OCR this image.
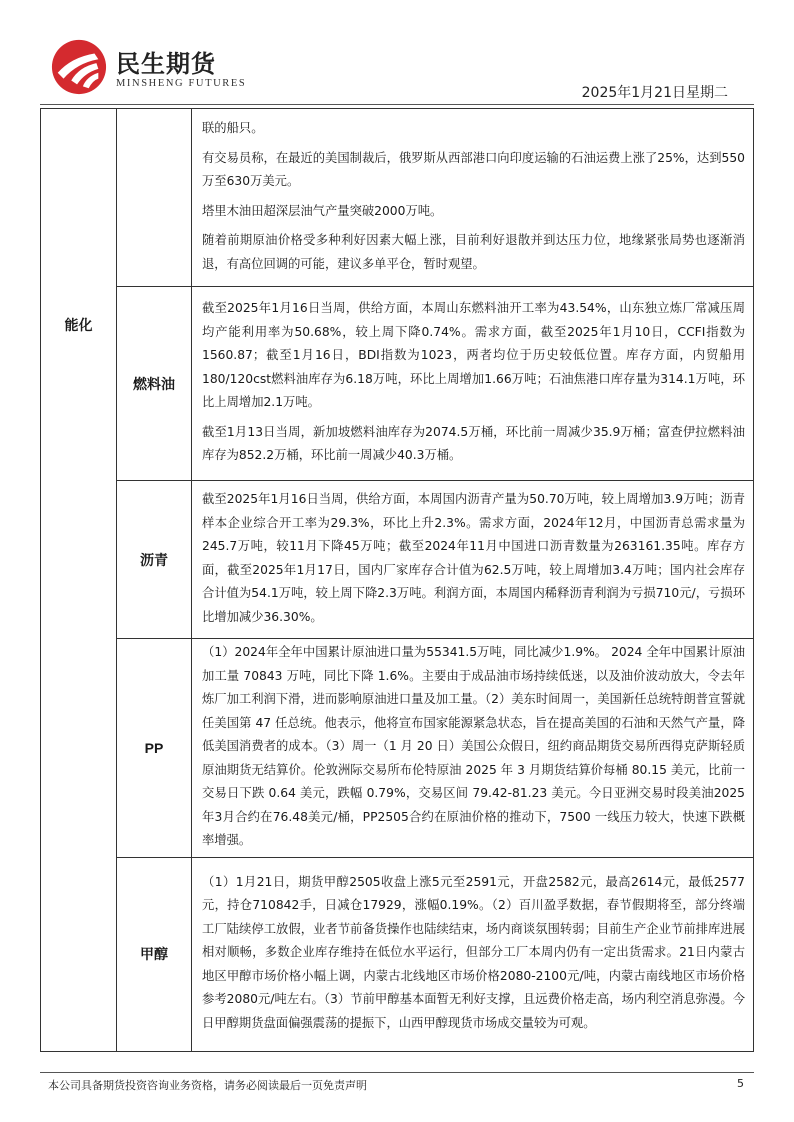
民生期货
MINSHENG FUTURES
2025年1月21日星期二
能化		联的船只。

有交易员称，在最近的美国制裁后，俄罗斯从西部港口向印度运输的石油运费上涨了25%，达到550万至630万美元。

塔里木油田超深层油气产量突破2000万吨。

随着前期原油价格受多种利好因素大幅上涨，目前利好退散并到达压力位，地缘紧张局势也逐渐消退，有高位回调的可能，建议多单平仓，暂时观望。

	燃料油	截至2025年1月16日当周，供给方面，本周山东燃料油开工率为43.54%，山东独立炼厂常减压周均产能利用率为50.68%，较上周下降0.74%。需求方面，截至2025年1月10日，CCFI指数为1560.87；截至1月16日，BDI指数为1023，两者均位于历史较低位置。库存方面，内贸船用180/120cst燃料油库存为6.18万吨，环比上周增加1.66万吨；石油焦港口库存量为314.1万吨，环比上周增加2.1万吨。

截至1月13日当周，新加坡燃料油库存为2074.5万桶，环比前一周减少35.9万桶；富查伊拉燃料油库存为852.2万桶，环比前一周减少40.3万桶。

	沥青	截至2025年1月16日当周，供给方面，本周国内沥青产量为50.70万吨，较上周增加3.9万吨；沥青样本企业综合开工率为29.3%，环比上升2.3%。需求方面，2024年12月，中国沥青总需求量为245.7万吨，较11月下降45万吨；截至2024年11月中国进口沥青数量为263161.35吨。库存方面，截至2025年1月17日，国内厂家库存合计值为62.5万吨，较上周增加3.4万吨；国内社会库存合计值为54.1万吨，较上周下降2.3万吨。利润方面，本周国内稀释沥青利润为亏损710元/，亏损环比增加减少36.30%。

	PP	（1）2024年全年中国累计原油进口量为55341.5万吨，同比减少1.9%。 2024 全年中国累计原油加工量 70843 万吨，同比下降 1.6%。主要由于成品油市场持续低迷，以及油价波动放大，令去年炼厂加工利润下滑，进而影响原油进口量及加工量。（2）美东时间周一，美国新任总统特朗普宣誓就任美国第 47 任总统。他表示，他将宣布国家能源紧急状态，旨在提高美国的石油和天然气产量，降低美国消费者的成本。（3）周一（1 月 20 日）美国公众假日，纽约商品期货交易所西得克萨斯轻质原油期货无结算价。伦敦洲际交易所布伦特原油 2025 年 3 月期货结算价每桶 80.15 美元，比前一交易日下跌 0.64 美元，跌幅 0.79%，交易区间 79.42-81.23 美元。今日亚洲交易时段美油2025年3月合约在76.48美元/桶，PP2505合约在原油价格的推动下，7500 一线压力较大，快速下跌概率增强。

	甲醇	（1）1月21日，期货甲醇2505收盘上涨5元至2591元，开盘2582元，最高2614元，最低2577元，持仓710842手，日减仓17929，涨幅0.19%。（2）百川盈孚数据，春节假期将至，部分终端工厂陆续停工放假，业者节前备货操作也陆续结束，场内商谈氛围转弱；目前生产企业节前排库进展相对顺畅，多数企业库存维持在低位水平运行，但部分工厂本周内仍有一定出货需求。21日内蒙古地区甲醇市场价格小幅上调，内蒙古北线地区市场价格2080-2100元/吨，内蒙古南线地区市场价格参考2080元/吨左右。（3）节前甲醇基本面暂无利好支撑，且远费价格走高，场内利空消息弥漫。今日甲醇期货盘面偏强震荡的提振下，山西甲醇现货市场成交量较为可观。

本公司具备期货投资咨询业务资格，请务必阅读最后一页免责声明	5
